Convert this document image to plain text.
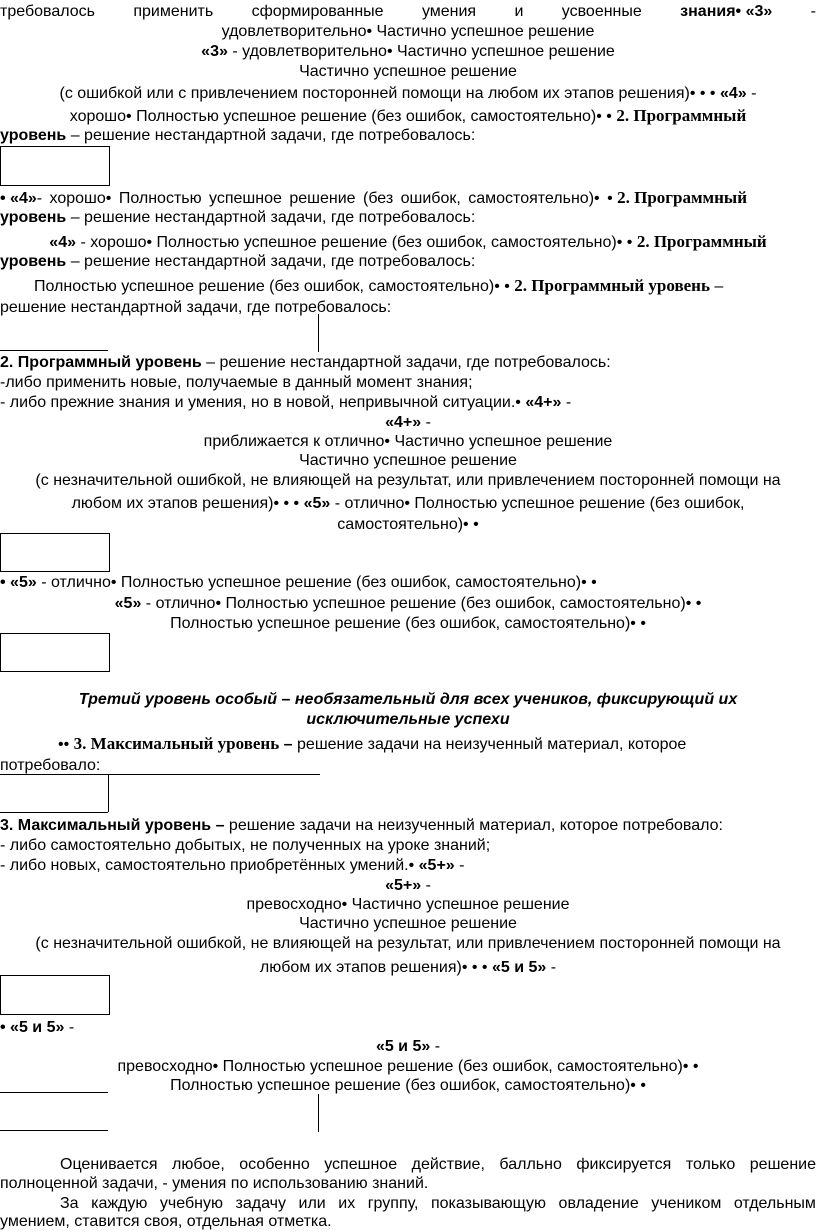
требовалось применить сформированные умения и усвоенные знания• «3» -
удовлетворительно• Частично успешное решение
«3» - удовлетворительно• Частично успешное решение
Частично успешное решение
(с ошибкой или с привлечением посторонней помощи на любом их этапов решения)• • • «4» -
хорошо• Полностью успешное решение (без ошибок, самостоятельно)• • 2. Программный
уровень – решение нестандартной задачи, где потребовалось:
• «4»- хорошо• Полностью успешное решение (без ошибок, самостоятельно)• • 2. Программный
уровень – решение нестандартной задачи, где потребовалось:
«4» - хорошо• Полностью успешное решение (без ошибок, самостоятельно)• • 2. Программный
уровень – решение нестандартной задачи, где потребовалось:
Полностью успешное решение (без ошибок, самостоятельно)• • 2. Программный уровень –
решение нестандартной задачи, где потребовалось:
2. Программный уровень – решение нестандартной задачи, где потребовалось:
-либо применить новые, получаемые в данный момент знания;
- либо прежние знания и умения, но в новой, непривычной ситуации.• «4+» -
«4+» -
приближается к отлично• Частично успешное решение
Частично успешное решение
(с незначительной ошибкой, не влияющей на результат, или привлечением посторонней помощи на
любом их этапов решения)• • • «5» - отлично• Полностью успешное решение (без ошибок,
самостоятельно)• •
• «5» - отлично• Полностью успешное решение (без ошибок, самостоятельно)• •
«5» - отлично• Полностью успешное решение (без ошибок, самостоятельно)• •
Полностью успешное решение (без ошибок, самостоятельно)• •
Третий уровень особый – необязательный для всех учеников, фиксирующий их
исключительные успехи
•• 3. Максимальный уровень – решение задачи на неизученный материал, которое
потребовало:
3. Максимальный уровень – решение задачи на неизученный материал, которое потребовало:
- либо самостоятельно добытых, не полученных на уроке знаний;
- либо новых, самостоятельно приобретённых умений.• «5+» -
«5+» -
превосходно• Частично успешное решение
Частично успешное решение
(с незначительной ошибкой, не влияющей на результат, или привлечением посторонней помощи на
любом их этапов решения)• • • «5 и 5» -
• «5 и 5» -
«5 и 5» -
превосходно• Полностью успешное решение (без ошибок, самостоятельно)• •
Полностью успешное решение (без ошибок, самостоятельно)• •
Оценивается любое, особенно успешное действие, балльно фиксируется только решение
полноценной задачи, - умения по использованию знаний.
За каждую учебную задачу или их группу, показывающую овладение учеником отдельным
умением, ставится своя, отдельная отметка.
